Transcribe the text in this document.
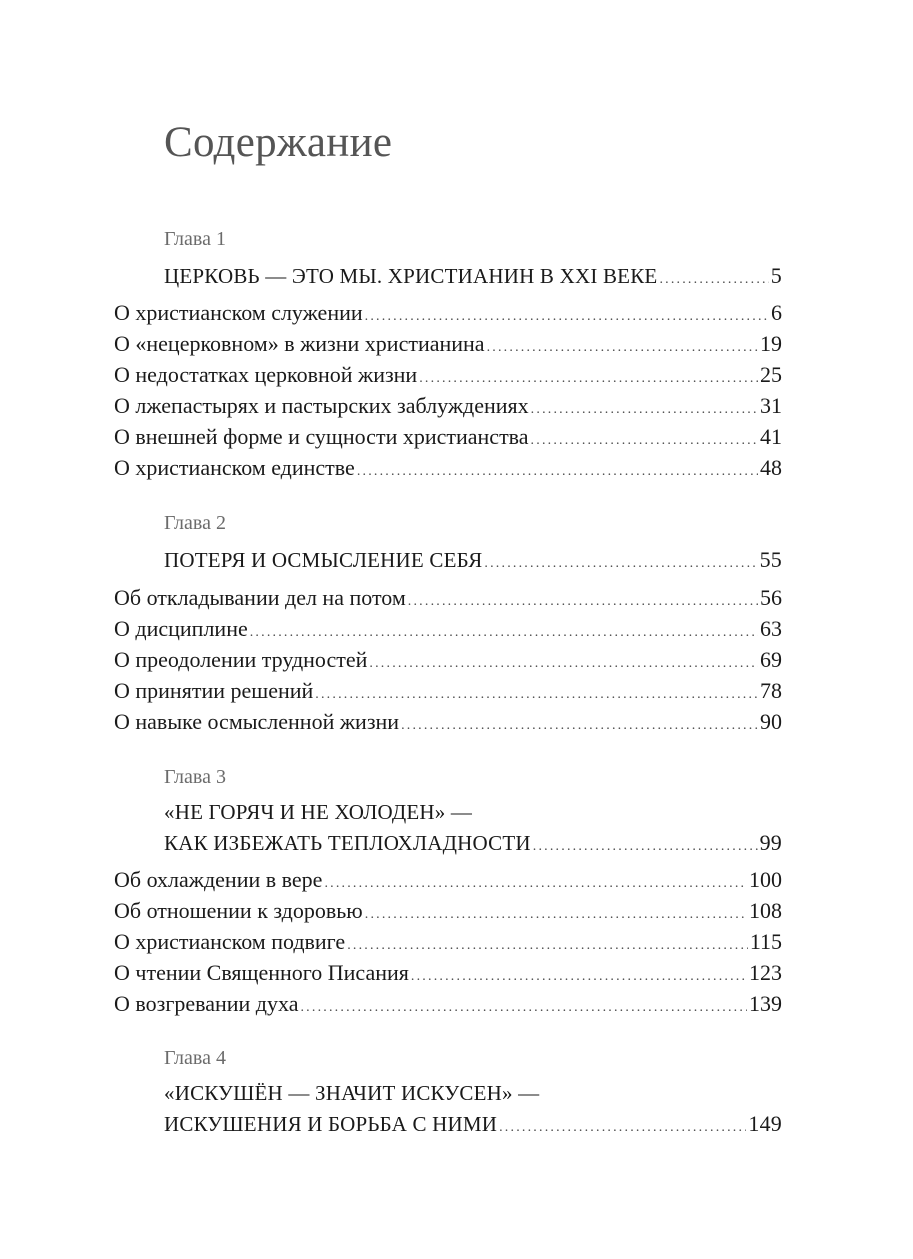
Содержание
Глава 1
ЦЕРКОВЬ — ЭТО МЫ. ХРИСТИАНИН В XXI ВЕКЕ .....	5
О христианском служении .....	6
О «нецерковном» в жизни христианина .....	19
О недостатках церковной жизни .....	25
О лжепастырях и пастырских заблуждениях .....	31
О внешней форме и сущности христианства .....	41
О христианском единстве .....	48
Глава 2
ПОТЕРЯ И ОСМЫСЛЕНИЕ СЕБЯ .....	55
Об откладывании дел на потом .....	56
О дисциплине .....	63
О преодолении трудностей .....	69
О принятии решений .....	78
О навыке осмысленной жизни .....	90
Глава 3
«НЕ ГОРЯЧ И НЕ ХОЛОДЕН» —
КАК ИЗБЕЖАТЬ ТЕПЛОХЛАДНОСТИ .....	99
Об охлаждении в вере .....	100
Об отношении к здоровью .....	108
О христианском подвиге .....	115
О чтении Священного Писания .....	123
О возгревании духа .....	139
Глава 4
«ИСКУШЁН — ЗНАЧИТ ИСКУСЕН» —
ИСКУШЕНИЯ И БОРЬБА С НИМИ .....	149
